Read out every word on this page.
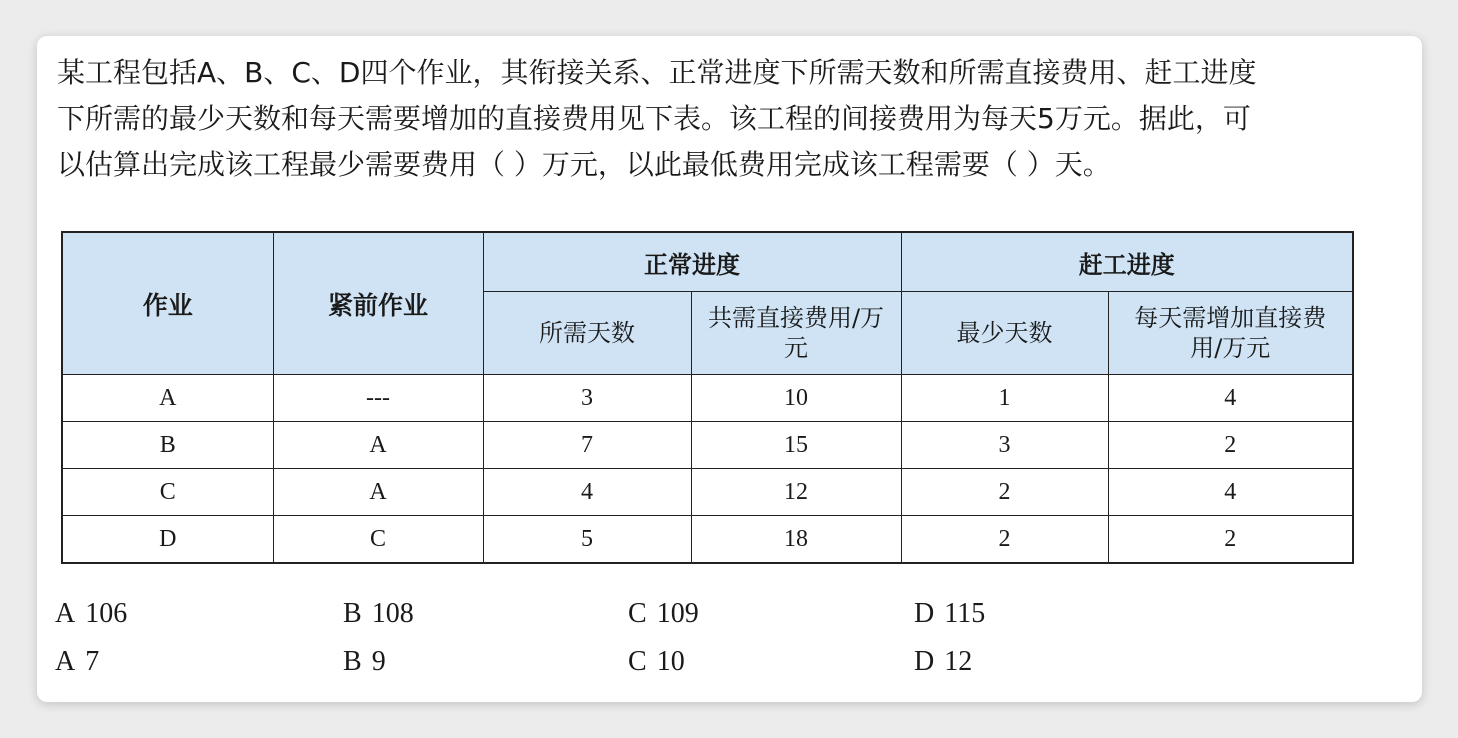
某工程包括A、B、C、D四个作业，其衔接关系、正常进度下所需天数和所需直接费用、赶工进度
下所需的最少天数和每天需要增加的直接费用见下表。该工程的间接费用为每天5万元。据此，可
以估算出完成该工程最少需要费用（ ）万元，以此最低费用完成该工程需要（ ）天。

作业	紧前作业	正常进度		赶工进度	
		所需天数	共需直接费用/万元	最少天数	每天需增加直接费用/万元
A	---	3	10	1	4
B	A	7	15	3	2
C	A	4	12	2	4
D	C	5	18	2	2
A 106	B 108	C 109	D 115
A 7	B 9	C 10	D 12
